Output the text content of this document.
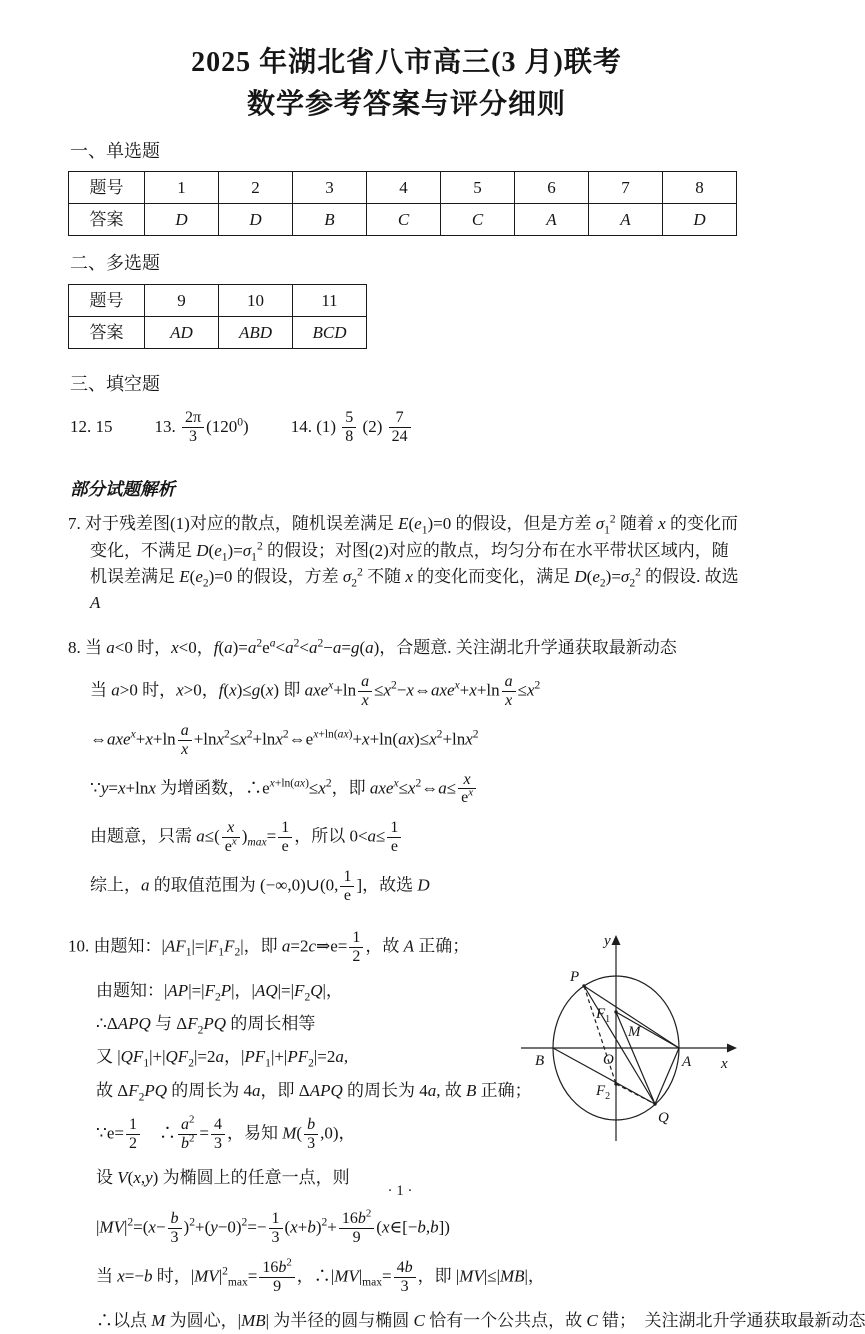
2025 年湖北省八市高三(3 月)联考
数学参考答案与评分细则
一、单选题
题号	1	2	3	4	5	6	7	8
答案	D	D	B	C	C	A	A	D
二、多选题
题号	9	10	11
答案	AD	ABD	BCD
三、填空题
12. 15 13. $\frac{2\pi}{3} (120^0)$ 14. $(1) \frac{5}{8} (2) \frac{7}{24}$
部分试题解析
7. 对于残差图(1)对应的散点，随机误差满足 $E(e_1)=0$ 的假设，但是方差 $\sigma_1^2$ 随着 x 的变化而变化，不满足 $D(e_1)=\sigma_1^2$ 的假设；对图(2)对应的散点，均匀分布在水平带状区域内，随机误差满足 $E(e_2)=0$ 的假设，方差 $\sigma_2^2$ 不随 x 的变化而变化，满足 $D(e_2)=\sigma_2^2$ 的假设. 故选 A
8. 当 a<0 时，x<0，$f(a)=a^2e^a<a^2<a^2-a=g(a)$，合题意. 关注湖北升学通获取最新动态
当 a>0 时，x>0，f(x)≤g(x) 即 $axe^x+\ln \frac{a}{x}$ $\le x^2-x\Leftrightarrow axe^x+x+\ln \frac{a}{x} \le x^2$
⇔axe$^x$+x+ln $\frac{a}{x}$ $+\ln x^2\le x^2+\ln x^2\Leftrightarrow e^{x+ln(ax)}+x+\ln(ax)\le x^2+\ln x^2$
∵y=x+lnx 为增函数，$\therefore e^{x+ln(ax)}\le x^2$，即 $axe^x\le x^2\Leftrightarrow a\le \frac{x}{e^x}$
由题意，只需 $a\le( \frac{x}{e^x} )_{max}= \frac{1}{e}$ ，所以 $0<a\le \frac{1}{e}$
综上，a 的取值范围为 (−∞,0)∪(0, $\frac{1}{e}$ ]，故选 D
y
x
P
B	A
O
M
Q
$F_1$
$F_2$
10. 由题知：$|AF_1|=|F_1F_2|$，即 a=2c⇒e= $\frac{1}{2}$ ，故 A 正确；
由题知：$|AP|=|F_2P|$，$|AQ|=|F_2Q|$，
∴ΔAPQ 与 $\Delta F_2PQ$ 的周长相等
又 $|QF_1|+|QF_2|=2a$，$|PF_1|+|PF_2|=2a$,
故 $\Delta F_2PQ$ 的周长为 4a，即 ΔAPQ 的周长为 4a, 故 B 正确；
∵e= $\frac{1}{2}$ 　∴ $\frac{a^2}{b^2} = \frac{4}{3}$ ，易知 $M( \frac{b}{3} ,0)$，
设 V(x,y) 为椭圆上的任意一点，则
$|MV|^2=(x- \frac{b}{3} )^2+(y-0)^2=- \frac{1}{3} (x+b)^2+ \frac{16b^2}{9}$ (x∈[−b,b])
当 x=−b 时，$|MV|^2_{max}= \frac{16b^2}{9}$ ，$\therefore|MV|_{max}= \frac{4b}{3}$ ，即 |MV|≤|MB|，
∴以点 M 为圆心，|MB| 为半径的圆与椭圆 C 恰有一个公共点，故 C 错；　关注湖北升学通获取最新动态
· 1 ·
